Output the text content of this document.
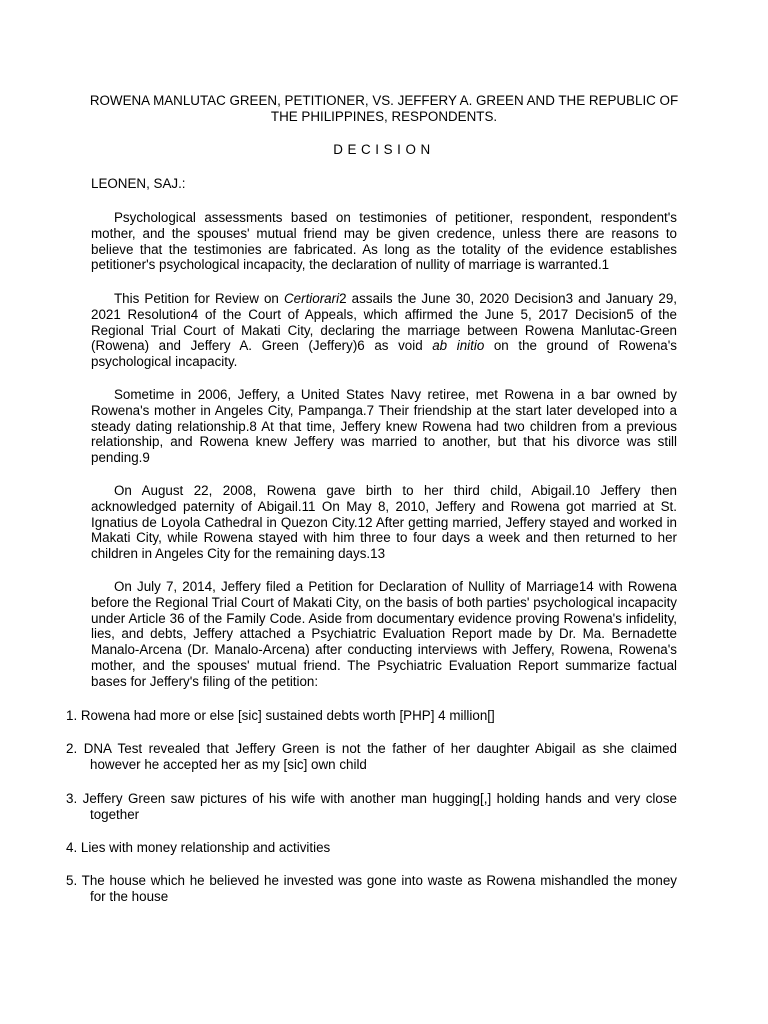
ROWENA MANLUTAC GREEN, PETITIONER, VS. JEFFERY A. GREEN AND THE REPUBLIC OF THE PHILIPPINES, RESPONDENTS.
DECISION
LEONEN, SAJ.:

Psychological assessments based on testimonies of petitioner, respondent, respondent's mother, and the spouses' mutual friend may be given credence, unless there are reasons to believe that the testimonies are fabricated. As long as the totality of the evidence establishes petitioner's psychological incapacity, the declaration of nullity of marriage is warranted.1

This Petition for Review on Certiorari2 assails the June 30, 2020 Decision3 and January 29, 2021 Resolution4 of the Court of Appeals, which affirmed the June 5, 2017 Decision5 of the Regional Trial Court of Makati City, declaring the marriage between Rowena Manlutac-Green (Rowena) and Jeffery A. Green (Jeffery)6 as void ab initio on the ground of Rowena's psychological incapacity.

Sometime in 2006, Jeffery, a United States Navy retiree, met Rowena in a bar owned by Rowena's mother in Angeles City, Pampanga.7 Their friendship at the start later developed into a steady dating relationship.8 At that time, Jeffery knew Rowena had two children from a previous relationship, and Rowena knew Jeffery was married to another, but that his divorce was still pending.9

On August 22, 2008, Rowena gave birth to her third child, Abigail.10 Jeffery then acknowledged paternity of Abigail.11 On May 8, 2010, Jeffery and Rowena got married at St. Ignatius de Loyola Cathedral in Quezon City.12 After getting married, Jeffery stayed and worked in Makati City, while Rowena stayed with him three to four days a week and then returned to her children in Angeles City for the remaining days.13

On July 7, 2014, Jeffery filed a Petition for Declaration of Nullity of Marriage14 with Rowena before the Regional Trial Court of Makati City, on the basis of both parties' psychological incapacity under Article 36 of the Family Code. Aside from documentary evidence proving Rowena's infidelity, lies, and debts, Jeffery attached a Psychiatric Evaluation Report made by Dr. Ma. Bernadette Manalo-Arcena (Dr. Manalo-Arcena) after conducting interviews with Jeffery, Rowena, Rowena's mother, and the spouses' mutual friend. The Psychiatric Evaluation Report summarize factual bases for Jeffery's filing of the petition:

1. Rowena had more or else [sic] sustained debts worth [PHP] 4 million[]
2. DNA Test revealed that Jeffery Green is not the father of her daughter Abigail as she claimed however he accepted her as my [sic] own child
3. Jeffery Green saw pictures of his wife with another man hugging[,] holding hands and very close together
4. Lies with money relationship and activities
5. The house which he believed he invested was gone into waste as Rowena mishandled the money for the house
